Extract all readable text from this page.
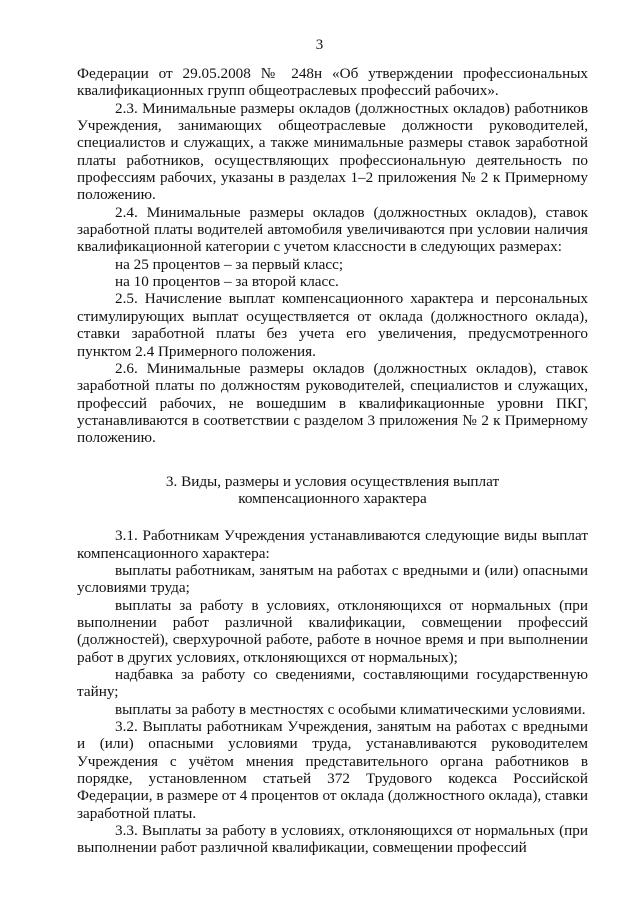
3

Федерации от 29.05.2008 № 248н «Об утверждении профессиональных квалификационных групп общеотраслевых профессий рабочих».

2.3. Минимальные размеры окладов (должностных окладов) работников Учреждения, занимающих общеотраслевые должности руководителей, специалистов и служащих, а также минимальные размеры ставок заработной платы работников, осуществляющих профессиональную деятельность по профессиям рабочих, указаны в разделах 1–2 приложения № 2 к Примерному положению.

2.4. Минимальные размеры окладов (должностных окладов), ставок заработной платы водителей автомобиля увеличиваются при условии наличия квалификационной категории с учетом классности в следующих размерах:

на 25 процентов – за первый класс;

на 10 процентов – за второй класс.

2.5. Начисление выплат компенсационного характера и персональных стимулирующих выплат осуществляется от оклада (должностного оклада), ставки заработной платы без учета его увеличения, предусмотренного пунктом 2.4 Примерного положения.

2.6. Минимальные размеры окладов (должностных окладов), ставок заработной платы по должностям руководителей, специалистов и служащих, профессий рабочих, не вошедшим в квалификационные уровни ПКГ, устанавливаются в соответствии с разделом 3 приложения № 2 к Примерному положению.

3. Виды, размеры и условия осуществления выплат
компенсационного характера

3.1. Работникам Учреждения устанавливаются следующие виды выплат компенсационного характера:

выплаты работникам, занятым на работах с вредными и (или) опасными условиями труда;

выплаты за работу в условиях, отклоняющихся от нормальных (при выполнении работ различной квалификации, совмещении профессий (должностей), сверхурочной работе, работе в ночное время и при выполнении работ в других условиях, отклоняющихся от нормальных);

надбавка за работу со сведениями, составляющими государственную тайну;

выплаты за работу в местностях с особыми климатическими условиями.

3.2. Выплаты работникам Учреждения, занятым на работах с вредными и (или) опасными условиями труда, устанавливаются руководителем Учреждения с учётом мнения представительного органа работников в порядке, установленном статьей 372 Трудового кодекса Российской Федерации, в размере от 4 процентов от оклада (должностного оклада), ставки заработной платы.

3.3. Выплаты за работу в условиях, отклоняющихся от нормальных (при выполнении работ различной квалификации, совмещении профессий
